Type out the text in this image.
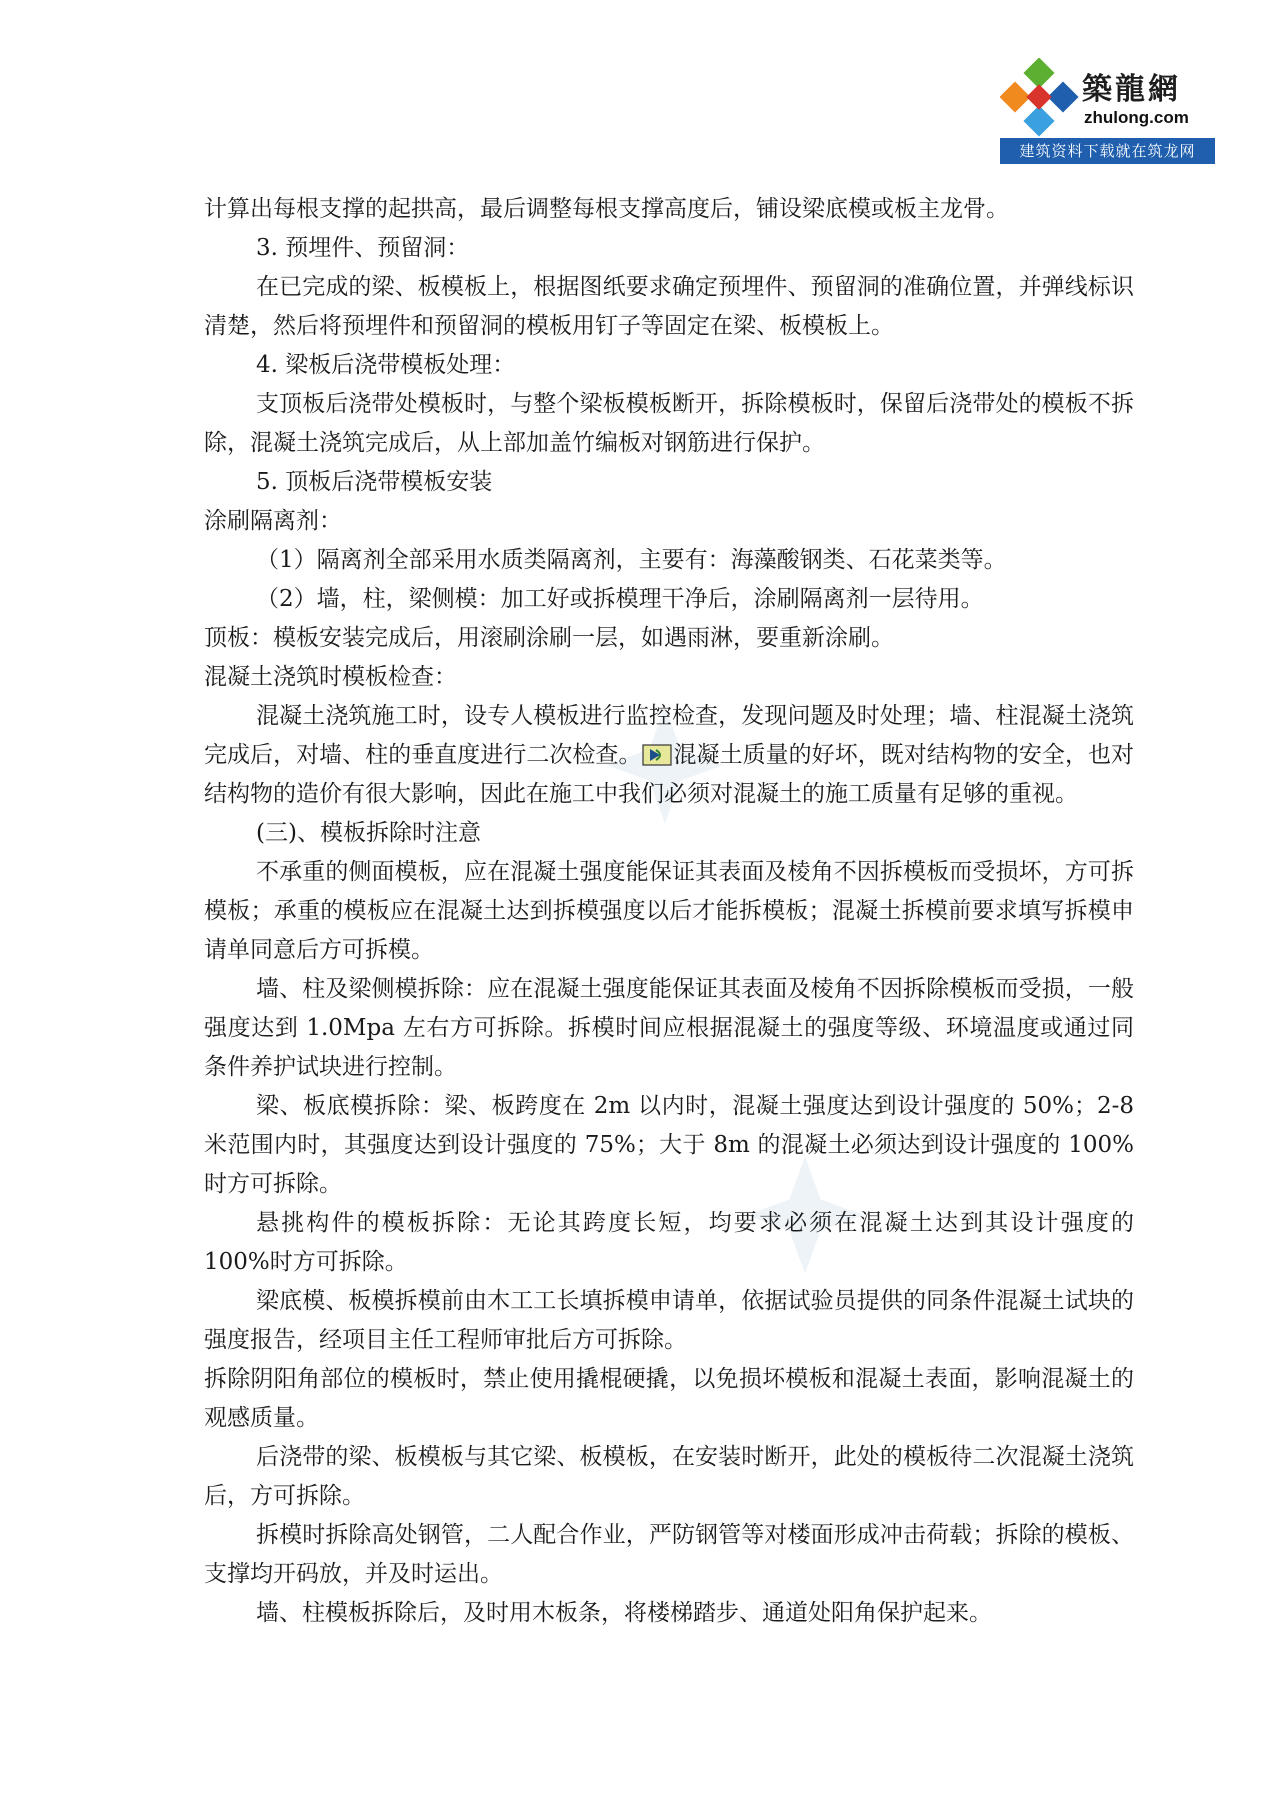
築龍網
zhulong.com
建筑资料下载就在筑龙网

计算出每根支撑的起拱高，最后调整每根支撑高度后，铺设梁底模或板主龙骨。

3. 预埋件、预留洞：

在已完成的梁、板模板上，根据图纸要求确定预埋件、预留洞的准确位置，并弹线标识清楚，然后将预埋件和预留洞的模板用钉子等固定在梁、板模板上。

4. 梁板后浇带模板处理：

支顶板后浇带处模板时，与整个梁板模板断开，拆除模板时，保留后浇带处的模板不拆除，混凝土浇筑完成后，从上部加盖竹编板对钢筋进行保护。

5. 顶板后浇带模板安装

涂刷隔离剂：

（1）隔离剂全部采用水质类隔离剂，主要有：海藻酸钢类、石花菜类等。

（2）墙，柱，梁侧模：加工好或拆模理干净后，涂刷隔离剂一层待用。

顶板：模板安装完成后，用滚刷涂刷一层，如遇雨淋，要重新涂刷。

混凝土浇筑时模板检查：

混凝土浇筑施工时，设专人模板进行监控检查，发现问题及时处理；墙、柱混凝土浇筑完成后，对墙、柱的垂直度进行二次检查。 混凝土质量的好坏，既对结构物的安全，也对结构物的造价有很大影响，因此在施工中我们必须对混凝土的施工质量有足够的重视。

(三)、模板拆除时注意

不承重的侧面模板，应在混凝土强度能保证其表面及棱角不因拆模板而受损坏，方可拆模板；承重的模板应在混凝土达到拆模强度以后才能拆模板；混凝土拆模前要求填写拆模申请单同意后方可拆模。

墙、柱及梁侧模拆除：应在混凝土强度能保证其表面及棱角不因拆除模板而受损，一般强度达到 1.0Mpa 左右方可拆除。拆模时间应根据混凝土的强度等级、环境温度或通过同条件养护试块进行控制。

梁、板底模拆除：梁、板跨度在 2m 以内时，混凝土强度达到设计强度的 50%；2-8 米范围内时，其强度达到设计强度的 75%；大于 8m 的混凝土必须达到设计强度的 100%时方可拆除。

悬挑构件的模板拆除：无论其跨度长短，均要求必须在混凝土达到其设计强度的 100%时方可拆除。

梁底模、板模拆模前由木工工长填拆模申请单，依据试验员提供的同条件混凝土试块的强度报告，经项目主任工程师审批后方可拆除。

拆除阴阳角部位的模板时，禁止使用撬棍硬撬，以免损坏模板和混凝土表面，影响混凝土的观感质量。

后浇带的梁、板模板与其它梁、板模板，在安装时断开，此处的模板待二次混凝土浇筑后，方可拆除。

拆模时拆除高处钢管，二人配合作业，严防钢管等对楼面形成冲击荷载；拆除的模板、支撑均开码放，并及时运出。

墙、柱模板拆除后，及时用木板条，将楼梯踏步、通道处阳角保护起来。
